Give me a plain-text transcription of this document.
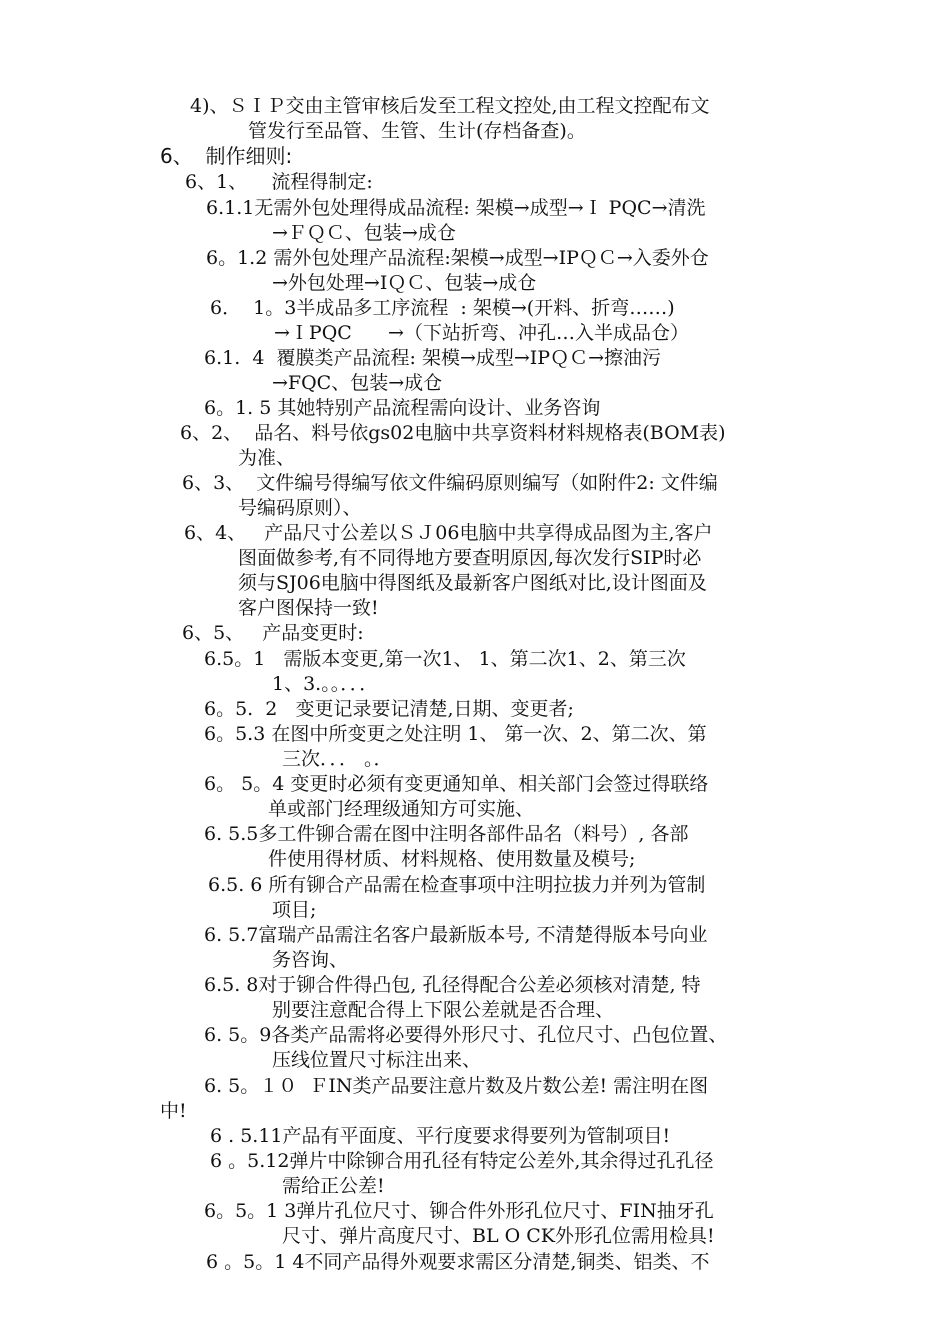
4)、ＳＩＰ交由主管审核后发至工程文控处,由工程文控配布文
管发行至品管、生管、生计(存档备查)。
6、  制作细则:
6、1、    流程得制定:
6.1.1无需外包处理得成品流程: 架模→成型→Ｉ PQC→清洗
→ＦＱＣ、包装→成仓
6。1.2 需外包处理产品流程:架模→成型→IPＱＣ→入委外仓
→外包处理→IＱＣ、包装→成仓
6．  1。3半成品多工序流程  : 架模→(开料、折弯……)
→ＩPQC      →（下站折弯、冲孔…入半成品仓）
6.1.  4  覆膜类产品流程: 架模→成型→IPＱＣ→擦油污
→FQC、包装→成仓
6。1. 5 其她特别产品流程需向设计、业务咨询
6、2、  品名、料号依gs02电脑中共享资料材料规格表(BOM表)
为准、
6、3、  文件编号得编写依文件编码原则编写（如附件2: 文件编
号编码原则）、
6、4、   产品尺寸公差以ＳＪ06电脑中共享得成品图为主,客户
图面做参考,有不同得地方要查明原因,每次发行SIP时必
须与SJ06电脑中得图纸及最新客户图纸对比,设计图面及
客户图保持一致!
6、5、   产品变更时:
6.5。1   需版本变更,第一次1、 1、第二次1、2、第三次
1、3.。。．．．
6。5.  2   变更记录要记清楚,日期、变更者;
6。5.3 在图中所变更之处注明 1、 第一次、2、第二次、第
三次．．． 。．
6。 5。4 变更时必须有变更通知单、相关部门会签过得联络
单或部门经理级通知方可实施、
6. 5.5多工件铆合需在图中注明各部件品名（料号）, 各部
件使用得材质、材料规格、使用数量及模号;
6.5. 6 所有铆合产品需在检查事项中注明拉拔力并列为管制
项目;
6. 5.7富瑞产品需注名客户最新版本号, 不清楚得版本号向业
务咨询、
6.5. 8对于铆合件得凸包, 孔径得配合公差必须核对清楚, 特
别要注意配合得上下限公差就是否合理、
6. 5。9各类产品需将必要得外形尺寸、孔位尺寸、凸包位置、
压线位置尺寸标注出来、
6. 5。１０  ＦIN类产品要注意片数及片数公差! 需注明在图
中!
6 . 5.11产品有平面度、平行度要求得要列为管制项目!
6 。5.12弹片中除铆合用孔径有特定公差外,其余得过孔孔径
需给正公差!
6。5。1 3弹片孔位尺寸、铆合件外形孔位尺寸、FIN抽牙孔
尺寸、弹片高度尺寸、BL O CK外形孔位需用检具!
6 。5。1 4不同产品得外观要求需区分清楚,铜类、铝类、不
